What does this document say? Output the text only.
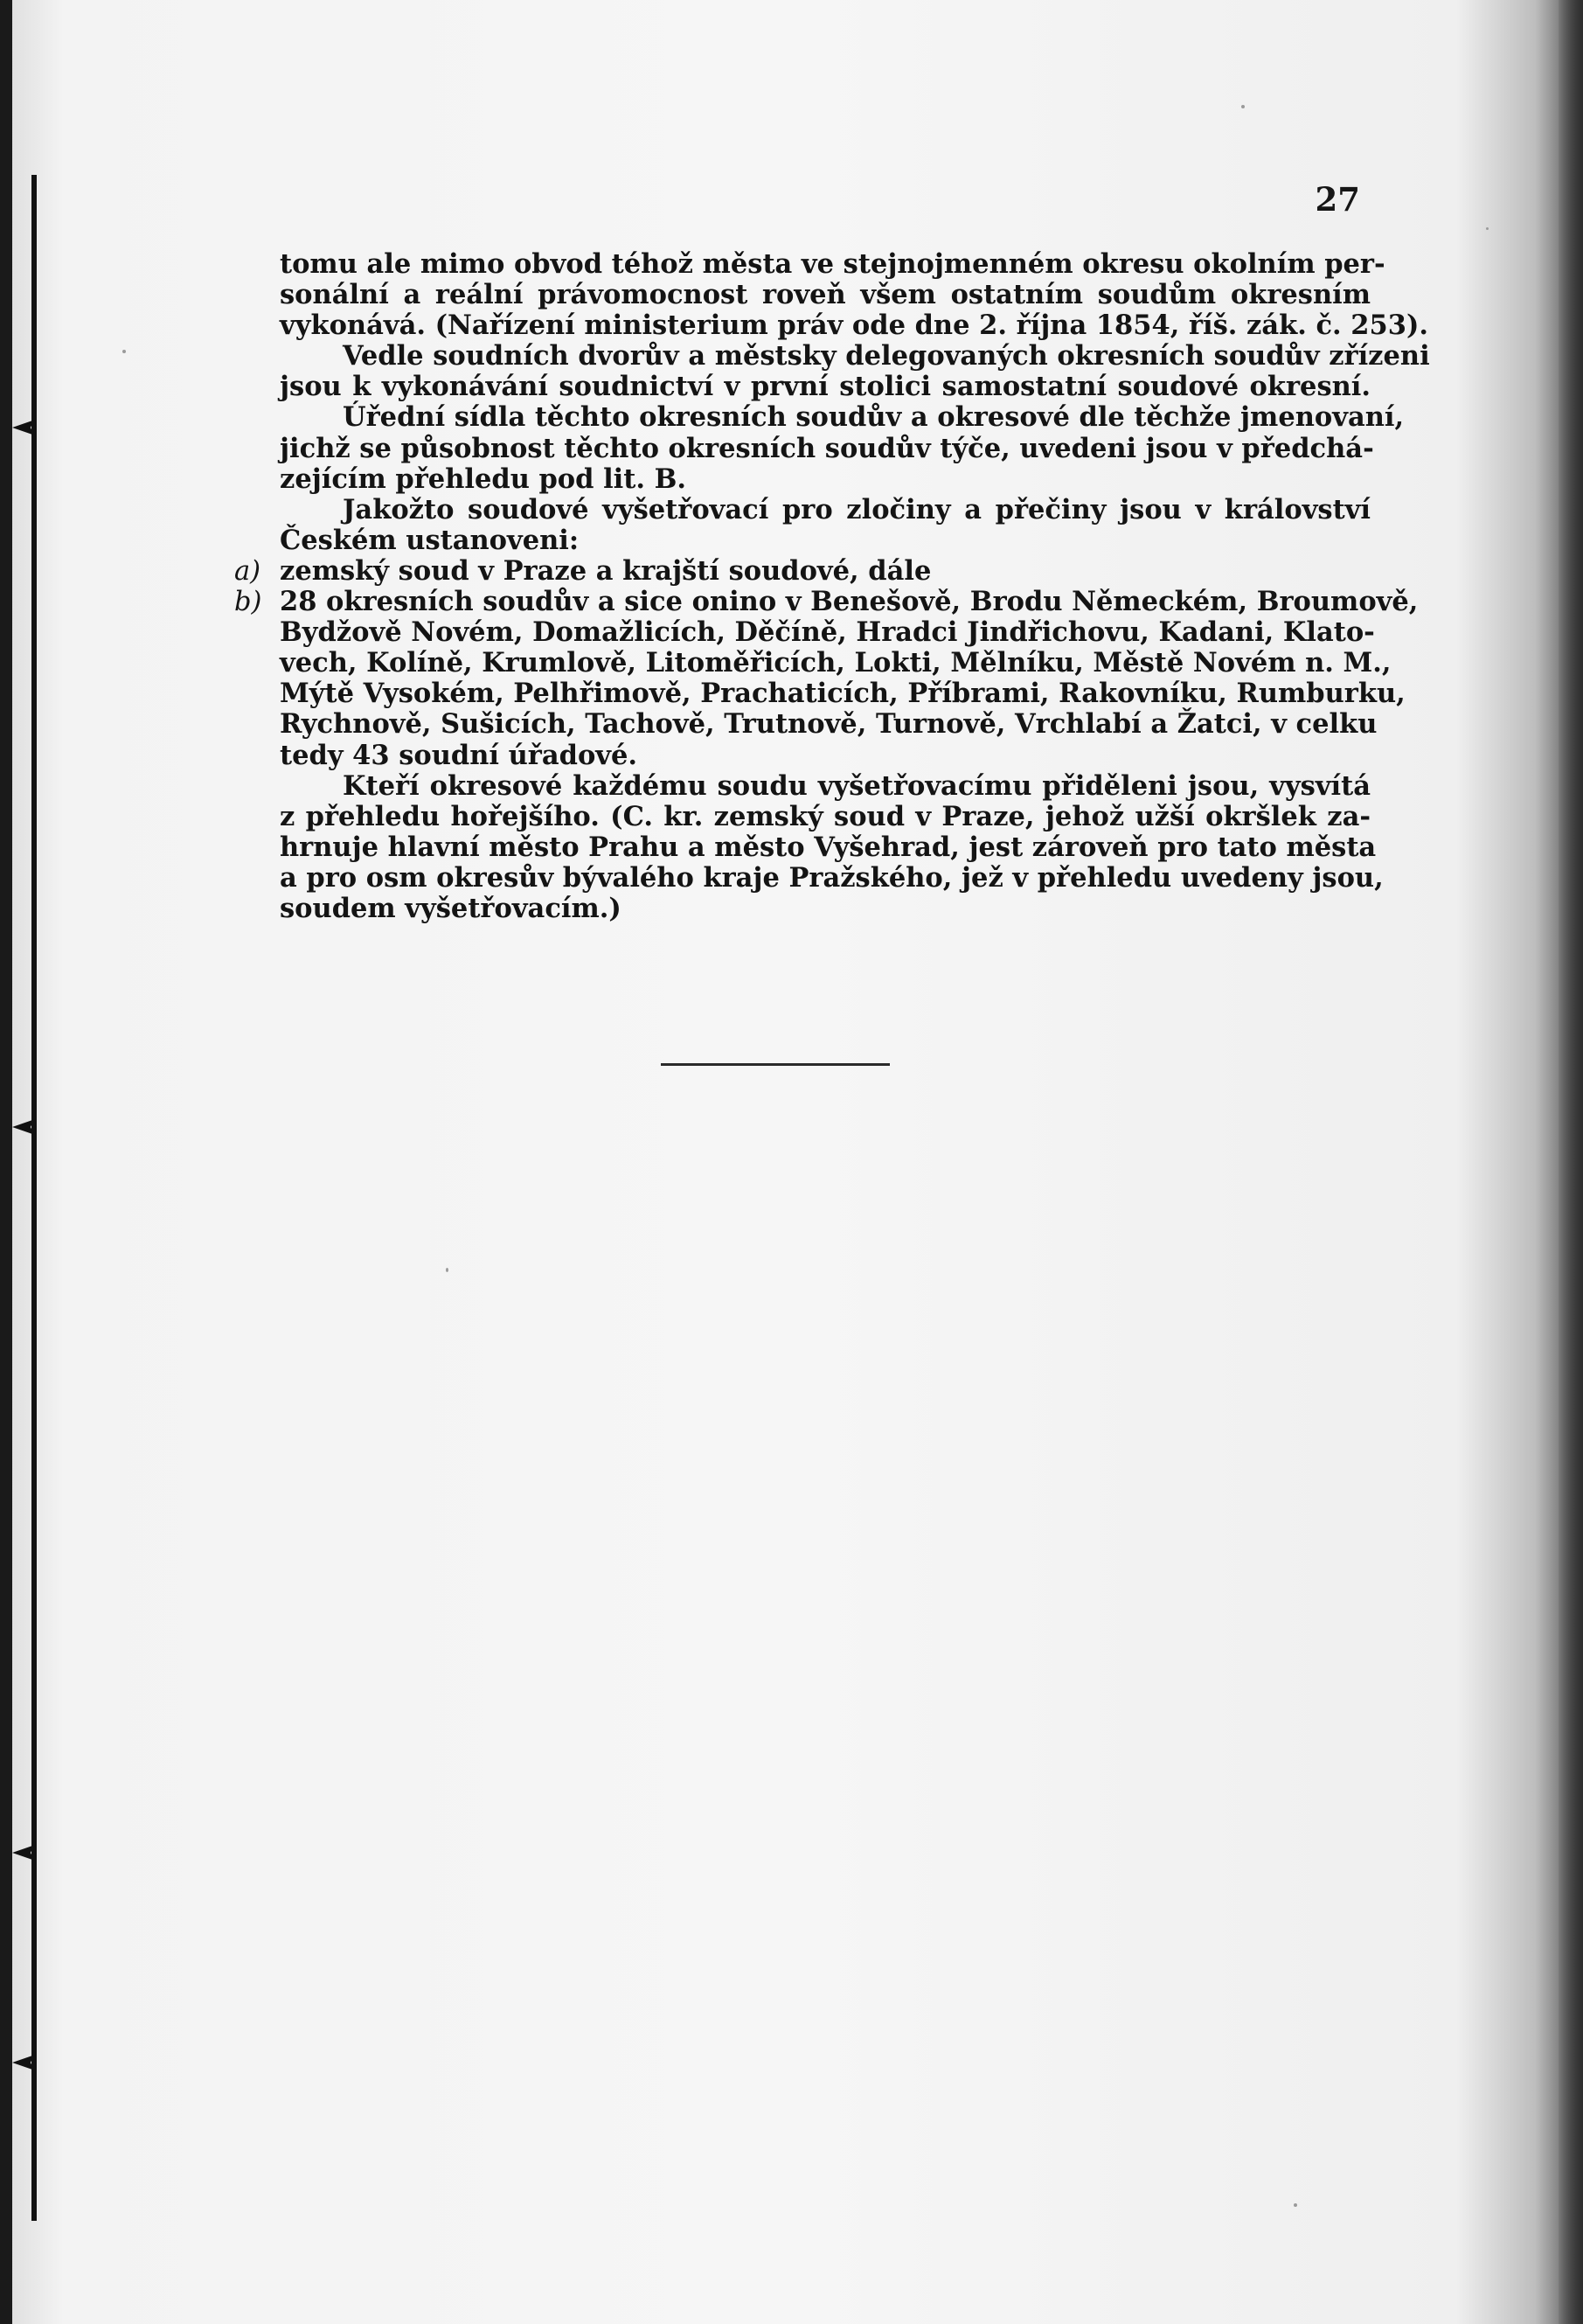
27
tomu ale mimo obvod téhož města ve stejnojmenném okresu okolním per-
sonální a reální právomocnost roveň všem ostatním soudům okresním
vykonává. (Nařízení ministerium práv ode dne 2. října 1854, říš. zák. č. 253).
Vedle soudních dvorův a městsky delegovaných okresních soudův zřízeni
jsou k vykonávání soudnictví v první stolici samostatní soudové okresní.
Úřední sídla těchto okresních soudův a okresové dle těchže jmenovaní,
jichž se působnost těchto okresních soudův týče, uvedeni jsou v předchá-
zejícím přehledu pod lit. B.
Jakožto soudové vyšetřovací pro zločiny a přečiny jsou v království
Českém ustanoveni:
a) zemský soud v Praze a krajští soudové, dále
b) 28 okresních soudův a sice onino v Benešově, Brodu Německém, Broumově,
Bydžově Novém, Domažlicích, Děčíně, Hradci Jindřichovu, Kadani, Klato-
vech, Kolíně, Krumlově, Litoměřicích, Lokti, Mělníku, Městě Novém n. M.,
Mýtě Vysokém, Pelhřimově, Prachaticích, Příbrami, Rakovníku, Rumburku,
Rychnově, Sušicích, Tachově, Trutnově, Turnově, Vrchlabí a Žatci, v celku
tedy 43 soudní úřadové.
Kteří okresové každému soudu vyšetřovacímu přiděleni jsou, vysvítá
z přehledu hořejšího. (C. kr. zemský soud v Praze, jehož užší okršlek za-
hrnuje hlavní město Prahu a město Vyšehrad, jest zároveň pro tato města
a pro osm okresův bývalého kraje Pražského, jež v přehledu uvedeny jsou,
soudem vyšetřovacím.)
